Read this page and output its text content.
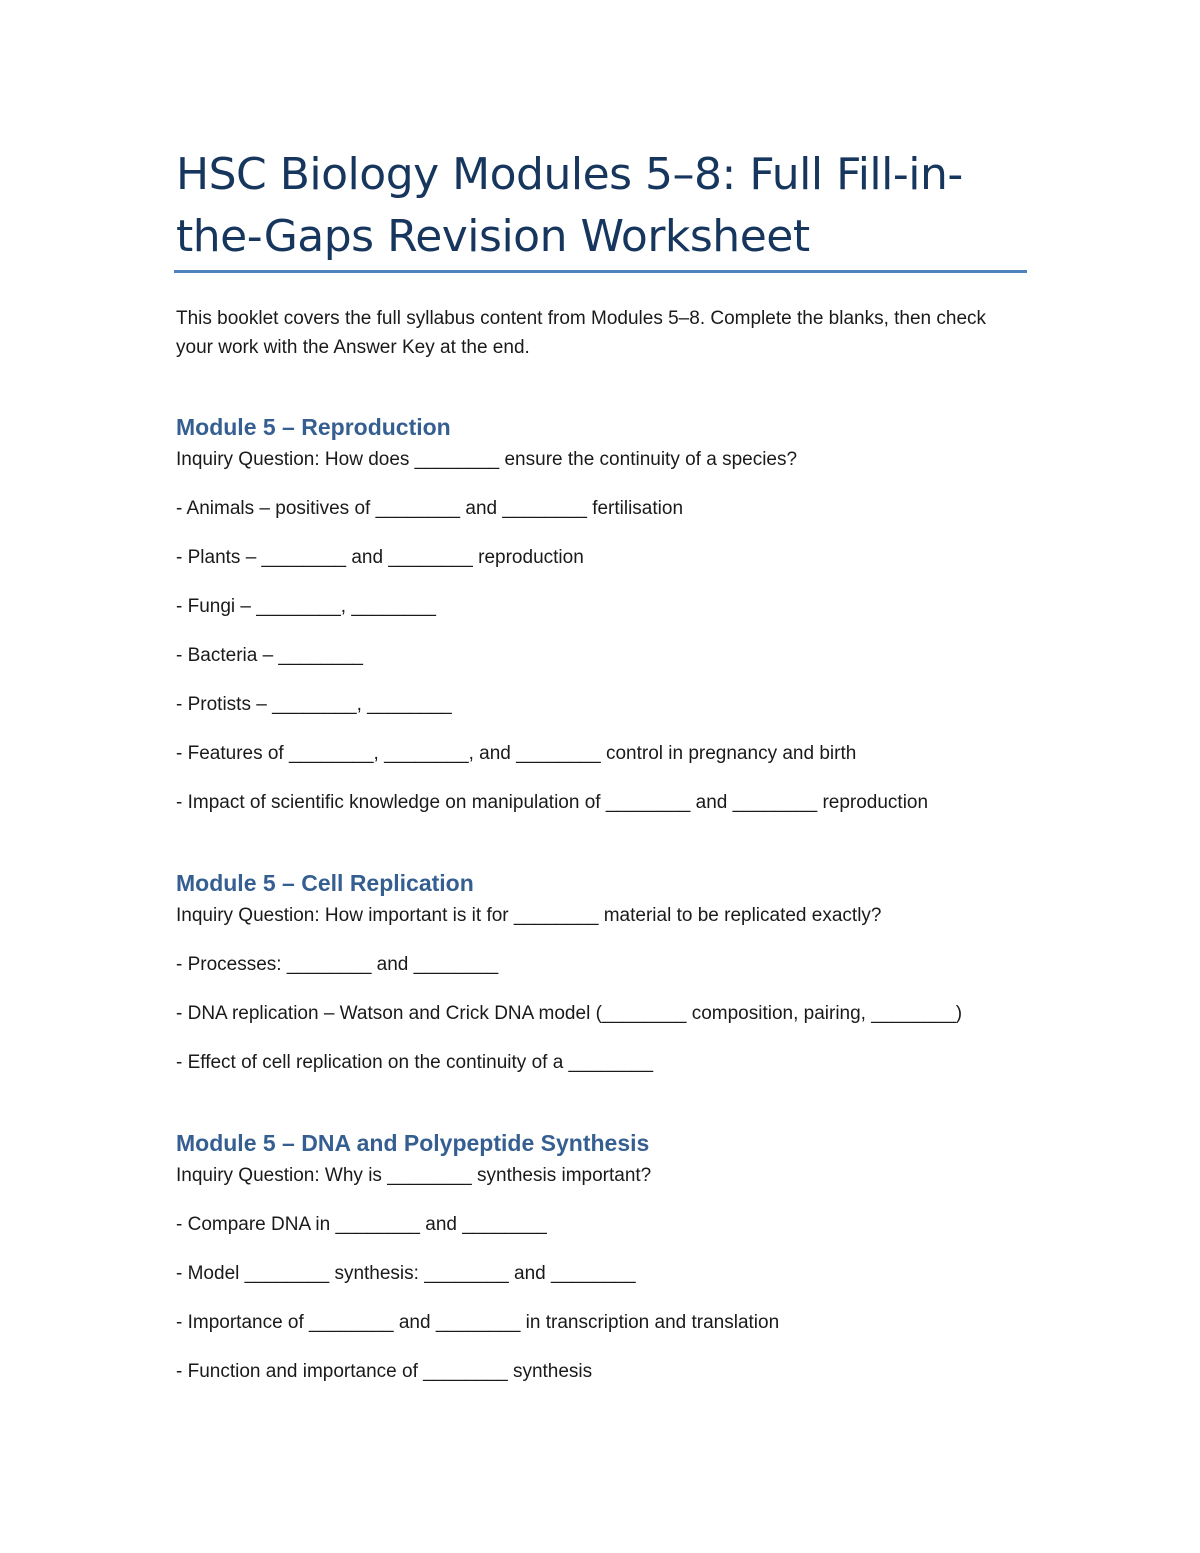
HSC Biology Modules 5–8: Full Fill-in-the-Gaps Revision Worksheet

This booklet covers the full syllabus content from Modules 5–8. Complete the blanks, then check your work with the Answer Key at the end.

Module 5 – Reproduction

Inquiry Question: How does ________ ensure the continuity of a species?

- Animals – positives of ________ and ________ fertilisation
- Plants – ________ and ________ reproduction
- Fungi – ________, ________
- Bacteria – ________
- Protists – ________, ________
- Features of ________, ________, and ________ control in pregnancy and birth
- Impact of scientific knowledge on manipulation of ________ and ________ reproduction
Module 5 – Cell Replication

Inquiry Question: How important is it for ________ material to be replicated exactly?

- Processes: ________ and ________
- DNA replication – Watson and Crick DNA model (________ composition, pairing, ________)
- Effect of cell replication on the continuity of a ________
Module 5 – DNA and Polypeptide Synthesis

Inquiry Question: Why is ________ synthesis important?

- Compare DNA in ________ and ________
- Model ________ synthesis: ________ and ________
- Importance of ________ and ________ in transcription and translation
- Function and importance of ________ synthesis
